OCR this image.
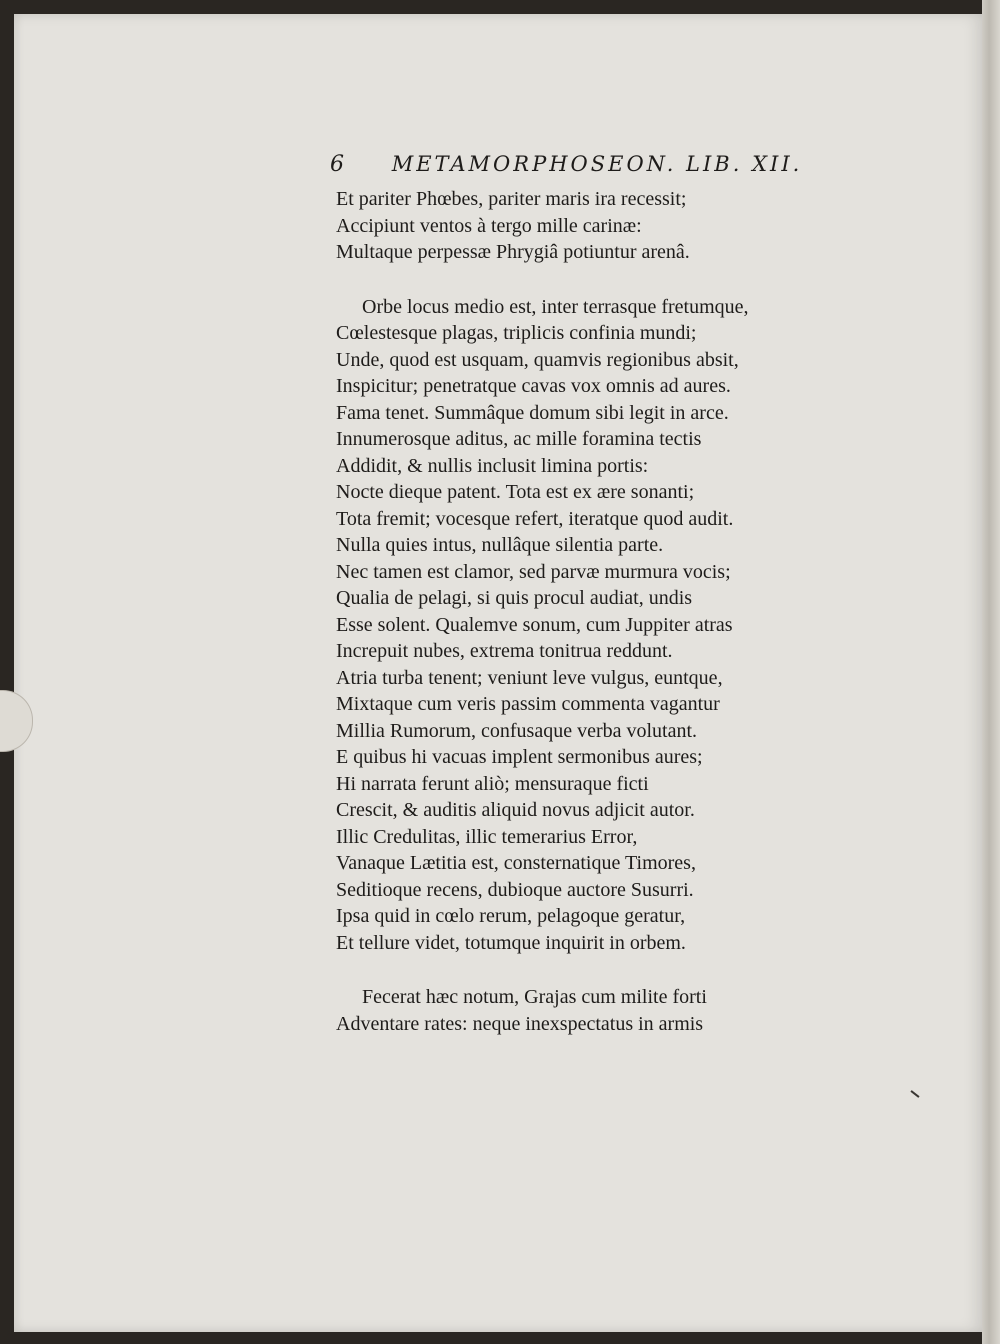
6 METAMORPHOSEON. LIB. XII.
Et pariter Phœbes, pariter maris ira recessit;
Accipiunt ventos à tergo mille carinæ:
Multaque perpessæ Phrygiâ potiuntur arenâ.
Orbe locus medio est, inter terrasque fretumque,
Cœlestesque plagas, triplicis confinia mundi;
Unde, quod est usquam, quamvis regionibus absit,
Inspicitur; penetratque cavas vox omnis ad aures.
Fama tenet. Summâque domum sibi legit in arce.
Innumerosque aditus, ac mille foramina tectis
Addidit, & nullis inclusit limina portis:
Nocte dieque patent. Tota est ex ære sonanti;
Tota fremit; vocesque refert, iteratque quod audit.
Nulla quies intus, nullâque silentia parte.
Nec tamen est clamor, sed parvæ murmura vocis;
Qualia de pelagi, si quis procul audiat, undis
Esse solent. Qualemve sonum, cum Juppiter atras
Increpuit nubes, extrema tonitrua reddunt.
Atria turba tenent; veniunt leve vulgus, euntque,
Mixtaque cum veris passim commenta vagantur
Millia Rumorum, confusaque verba volutant.
E quibus hi vacuas implent sermonibus aures;
Hi narrata ferunt aliò; mensuraque ficti
Crescit, & auditis aliquid novus adjicit autor.
Illic Credulitas, illic temerarius Error,
Vanaque Lætitia est, consternatique Timores,
Seditioque recens, dubioque auctore Susurri.
Ipsa quid in cœlo rerum, pelagoque geratur,
Et tellure videt, totumque inquirit in orbem.
Fecerat hæc notum, Grajas cum milite forti
Adventare rates: neque inexspectatus in armis
